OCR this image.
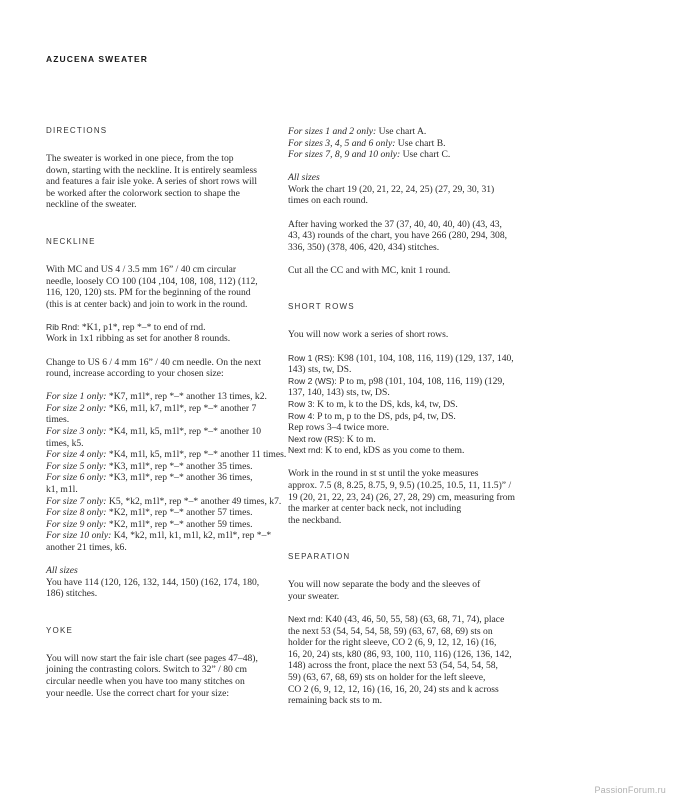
AZUCENA SWEATER
DIRECTIONS
The sweater is worked in one piece, from the top
down, starting with the neckline. It is entirely seamless
and features a fair isle yoke. A series of short rows will
be worked after the colorwork section to shape the
neckline of the sweater.
NECKLINE
With MC and US 4 / 3.5 mm 16” / 40 cm circular
needle, loosely CO 100 (104 ,104, 108, 108, 112) (112,
116, 120, 120) sts. PM for the beginning of the round
(this is at center back) and join to work in the round.
Rib Rnd: *K1, p1*, rep *–* to end of rnd.
Work in 1x1 ribbing as set for another 8 rounds.
Change to US 6 / 4 mm 16” / 40 cm needle. On the next
round, increase according to your chosen size:
For size 1 only: *K7, m1l*, rep *–* another 13 times, k2.
For size 2 only: *K6, m1l, k7, m1l*, rep *–* another 7
times.
For size 3 only: *K4, m1l, k5, m1l*, rep *–* another 10
times, k5.
For size 4 only: *K4, m1l, k5, m1l*, rep *–* another 11 times.
For size 5 only: *K3, m1l*, rep *–* another 35 times.
For size 6 only: *K3, m1l*, rep *–* another 36 times,
k1, m1l.
For size 7 only: K5, *k2, m1l*, rep *–* another 49 times, k7.
For size 8 only: *K2, m1l*, rep *–* another 57 times.
For size 9 only: *K2, m1l*, rep *–* another 59 times.
For size 10 only: K4, *k2, m1l, k1, m1l, k2, m1l*, rep *–*
another 21 times, k6.
All sizes
You have 114 (120, 126, 132, 144, 150) (162, 174, 180,
186) stitches.
YOKE
You will now start the fair isle chart (see pages 47–48),
joining the contrasting colors. Switch to 32” / 80 cm
circular needle when you have too many stitches on
your needle. Use the correct chart for your size:
For sizes 1 and 2 only: Use chart A.
For sizes 3, 4, 5 and 6 only: Use chart B.
For sizes 7, 8, 9 and 10 only: Use chart C.
All sizes
Work the chart 19 (20, 21, 22, 24, 25) (27, 29, 30, 31)
times on each round.
After having worked the 37 (37, 40, 40, 40, 40) (43, 43,
43, 43) rounds of the chart, you have 266 (280, 294, 308,
336, 350) (378, 406, 420, 434) stitches.
Cut all the CC and with MC, knit 1 round.
SHORT ROWS
You will now work a series of short rows.
Row 1 (RS): K98 (101, 104, 108, 116, 119) (129, 137, 140,
143) sts, tw, DS.
Row 2 (WS): P to m, p98 (101, 104, 108, 116, 119) (129,
137, 140, 143) sts, tw, DS.
Row 3: K to m, k to the DS, kds, k4, tw, DS.
Row 4: P to m, p to the DS, pds, p4, tw, DS.
Rep rows 3–4 twice more.
Next row (RS): K to m.
Next rnd: K to end, kDS as you come to them.
Work in the round in st st until the yoke measures
approx. 7.5 (8, 8.25, 8.75, 9, 9.5) (10.25, 10.5, 11, 11.5)” /
19 (20, 21, 22, 23, 24) (26, 27, 28, 29) cm, measuring from
the marker at center back neck, not including
the neckband.
SEPARATION
You will now separate the body and the sleeves of
your sweater.
Next rnd: K40 (43, 46, 50, 55, 58) (63, 68, 71, 74), place
the next 53 (54, 54, 54, 58, 59) (63, 67, 68, 69) sts on
holder for the right sleeve, CO 2 (6, 9, 12, 12, 16) (16,
16, 20, 24) sts, k80 (86, 93, 100, 110, 116) (126, 136, 142,
148) across the front, place the next 53 (54, 54, 54, 58,
59) (63, 67, 68, 69) sts on holder for the left sleeve,
CO 2 (6, 9, 12, 12, 16) (16, 16, 20, 24) sts and k across
remaining back sts to m.
PassionForum.ru
